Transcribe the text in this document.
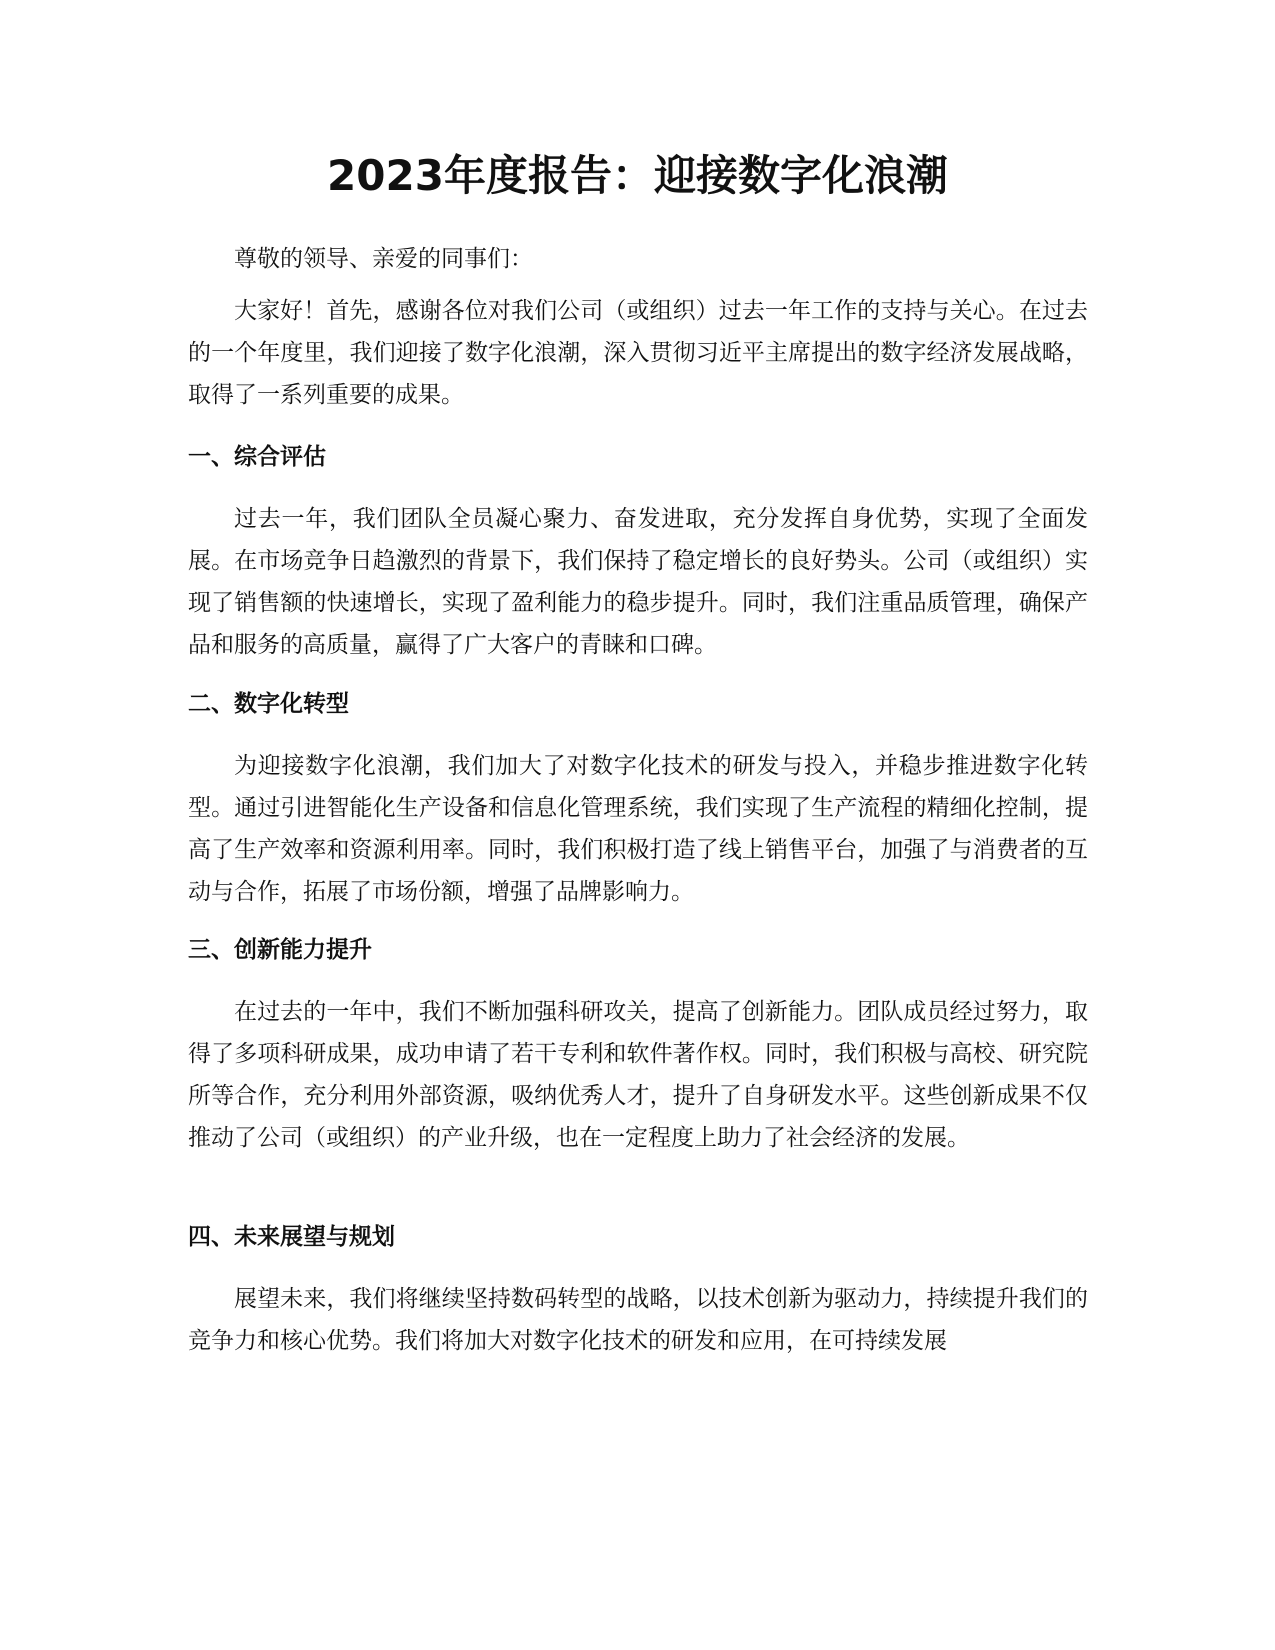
2023年度报告：迎接数字化浪潮

尊敬的领导、亲爱的同事们：

大家好！首先，感谢各位对我们公司（或组织）过去一年工作的支持与关心。在过去的一个年度里，我们迎接了数字化浪潮，深入贯彻习近平主席提出的数字经济发展战略，取得了一系列重要的成果。

一、综合评估

过去一年，我们团队全员凝心聚力、奋发进取，充分发挥自身优势，实现了全面发展。在市场竞争日趋激烈的背景下，我们保持了稳定增长的良好势头。公司（或组织）实现了销售额的快速增长，实现了盈利能力的稳步提升。同时，我们注重品质管理，确保产品和服务的高质量，赢得了广大客户的青睐和口碑。

二、数字化转型

为迎接数字化浪潮，我们加大了对数字化技术的研发与投入，并稳步推进数字化转型。通过引进智能化生产设备和信息化管理系统，我们实现了生产流程的精细化控制，提高了生产效率和资源利用率。同时，我们积极打造了线上销售平台，加强了与消费者的互动与合作，拓展了市场份额，增强了品牌影响力。

三、创新能力提升

在过去的一年中，我们不断加强科研攻关，提高了创新能力。团队成员经过努力，取得了多项科研成果，成功申请了若干专利和软件著作权。同时，我们积极与高校、研究院所等合作，充分利用外部资源，吸纳优秀人才，提升了自身研发水平。这些创新成果不仅推动了公司（或组织）的产业升级，也在一定程度上助力了社会经济的发展。

四、未来展望与规划

展望未来，我们将继续坚持数码转型的战略，以技术创新为驱动力，持续提升我们的竞争力和核心优势。我们将加大对数字化技术的研发和应用，在可持续发展
